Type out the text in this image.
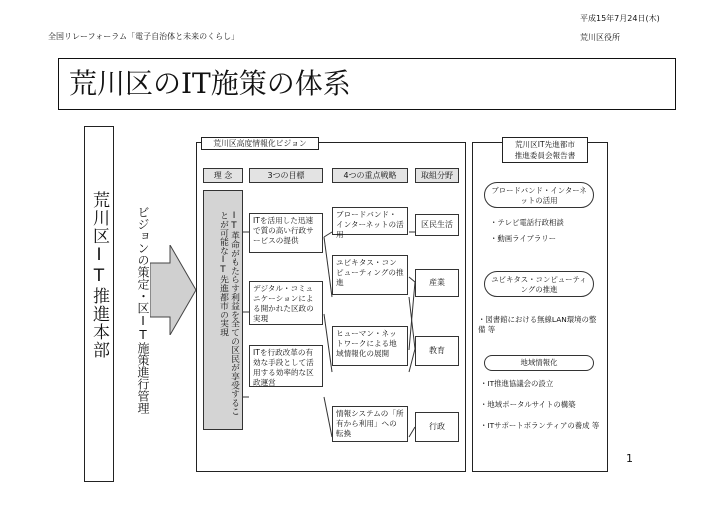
全国リレーフォーラム「電子自治体と未来のくらし」
平成15年7月24日(木)
荒川区役所
荒川区のIT施策の体系
荒川区IT推進本部 ビジョンの策定・区IT施策進行管理
荒川区高度情報化ビジョン
理 念	3つの目標	4つの重点戦略	取組分野
IT革命がもたらす利益を全ての区民が享受することが可能なIT先進都市の実現	ITを活用した迅速で質の高い行政サービスの提供
デジタル・コミュニケーションによる開かれた区政の実現
ITを行政改革の有効な手段として活用する効率的な区政運営
ブロードバンド・インターネットの活用
ユビキタス・コンピューティングの推進
ヒューマン・ネットワークによる地域情報化の展開
情報システムの「所有から利用」への転換
区民生活
産業
教育
行政
荒川区IT先進都市
推進委員会報告書
ブロードバンド・インターネットの活用
・テレビ電話行政相談
・動画ライブラリー
ユビキタス・コンピューティングの推進
・図書館における無線LAN環境の整備 等
地域情報化
・IT推進協議会の設立
・地域ポータルサイトの構築
・ITサポートボランティアの養成 等
1
